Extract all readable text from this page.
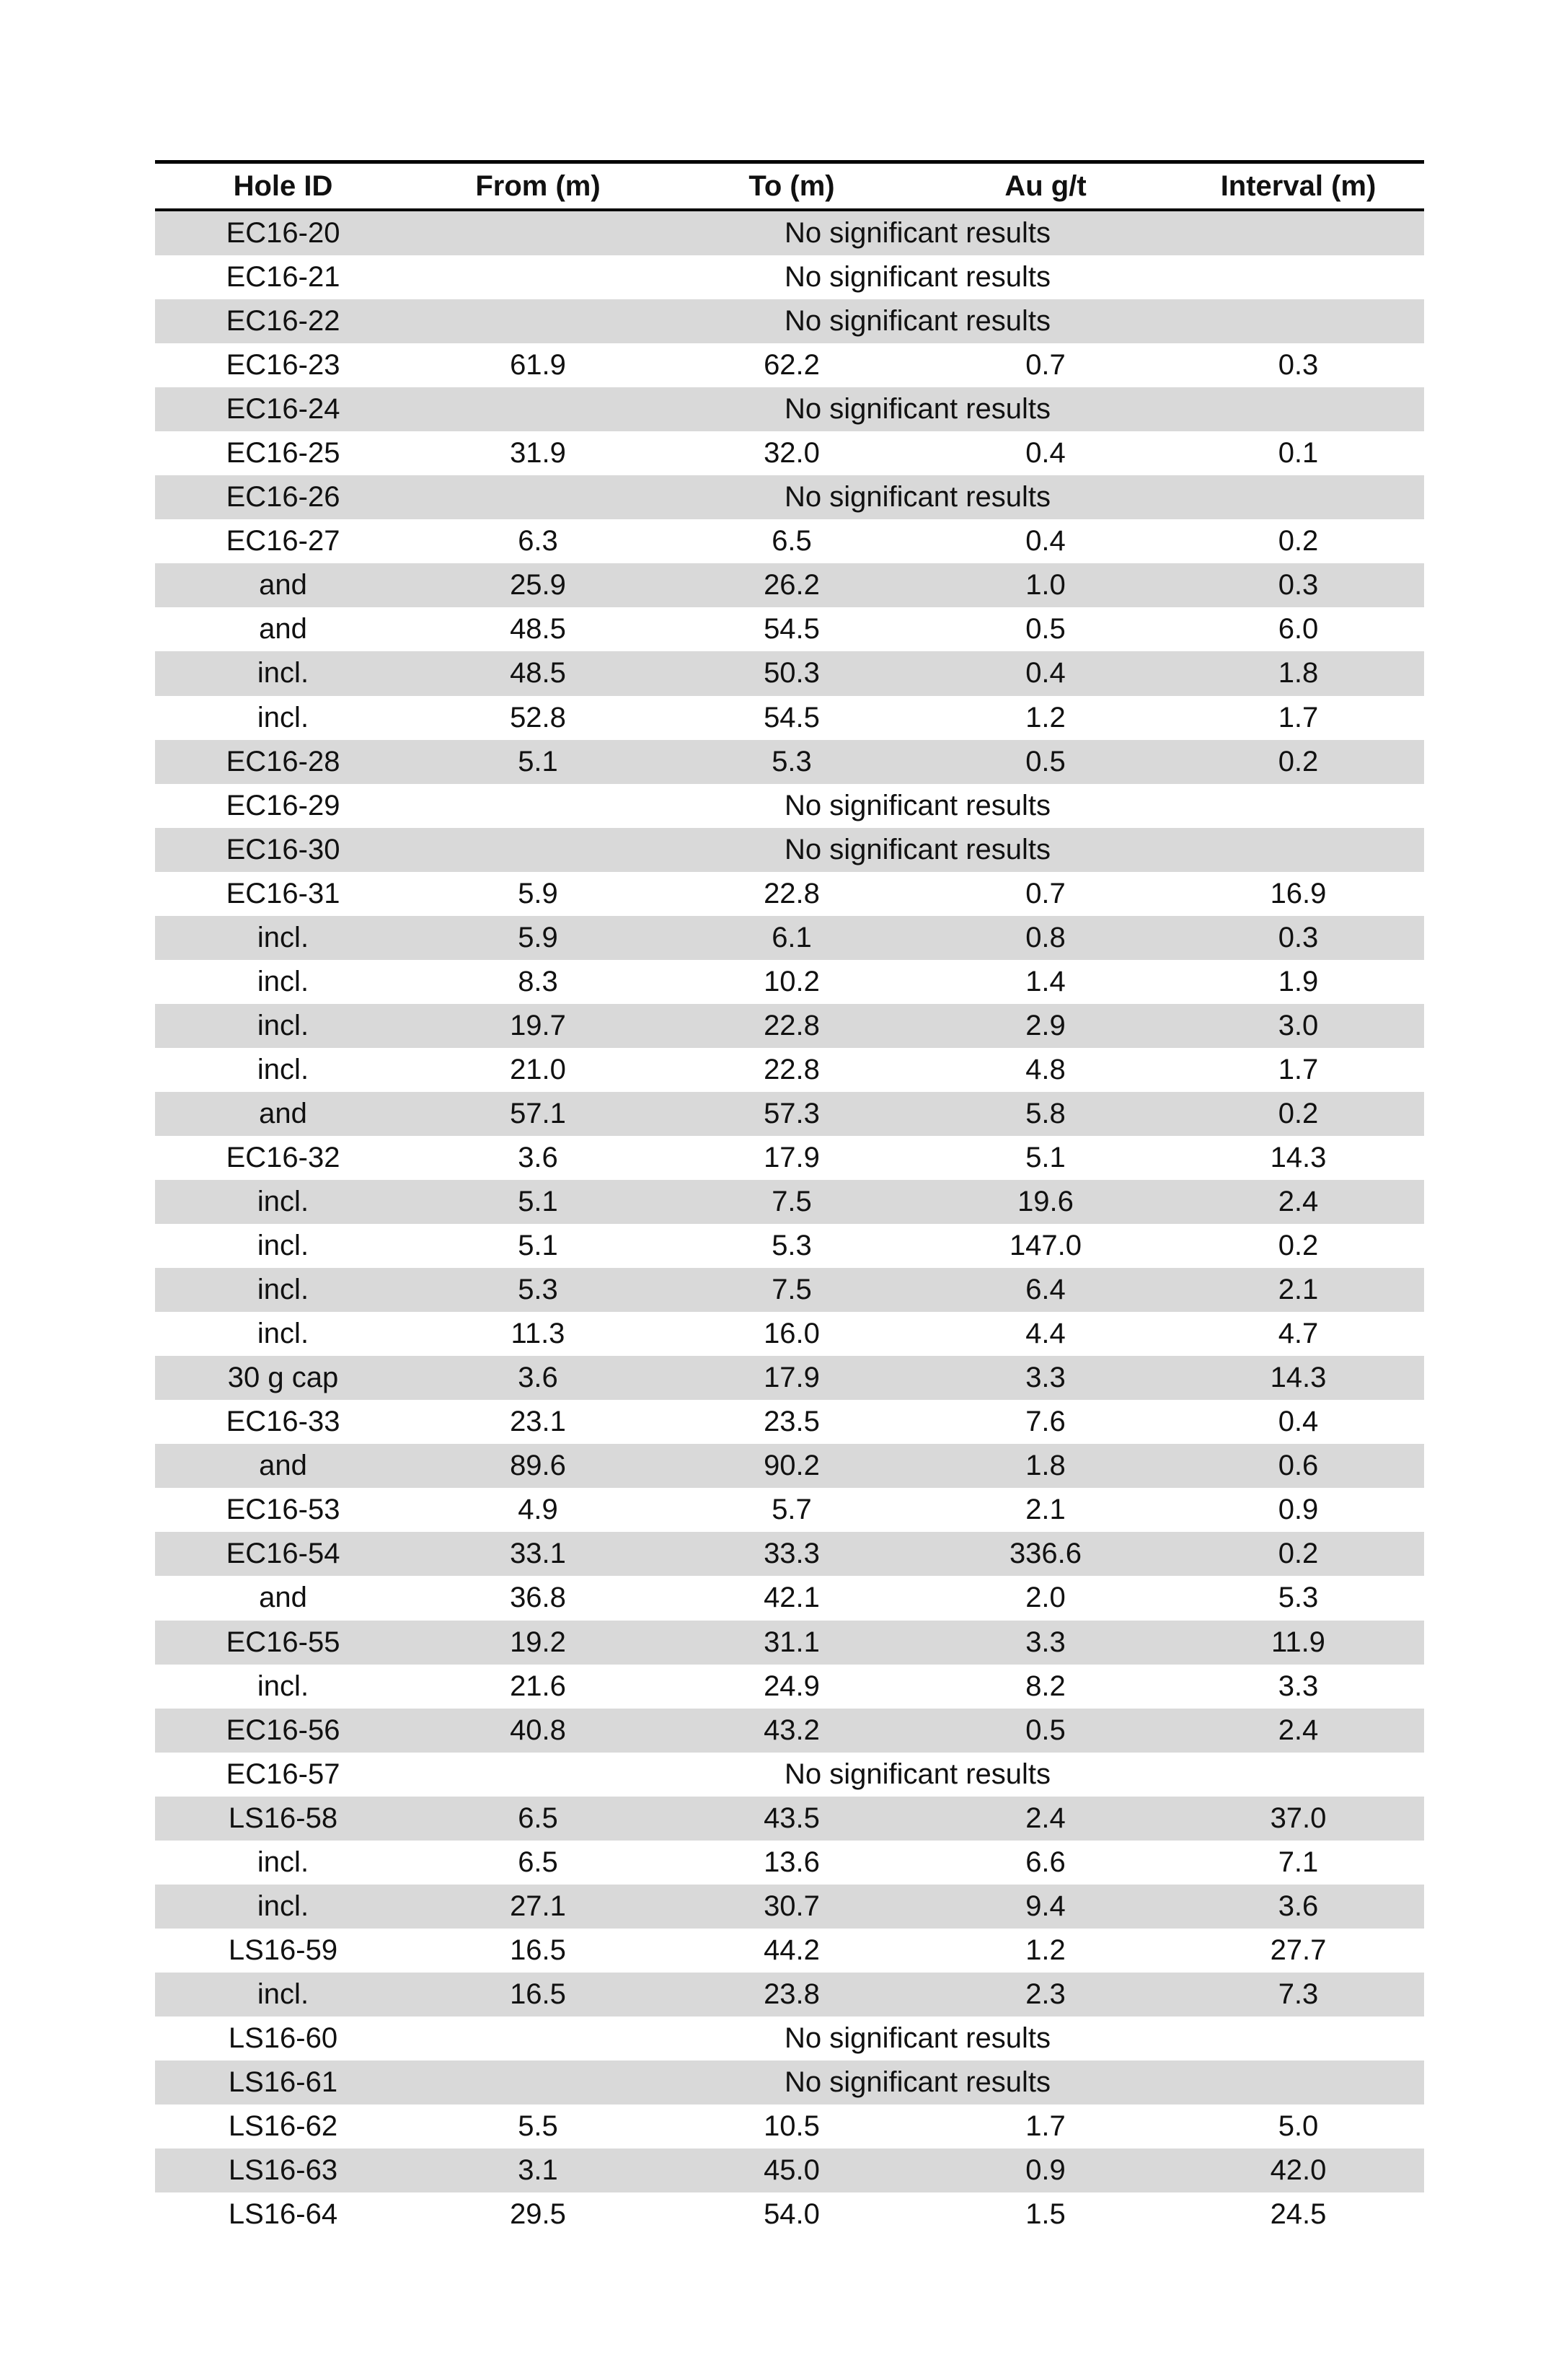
Hole ID	From (m)	To (m)	Au g/t	Interval (m)
EC16-20	No significant results			
EC16-21	No significant results			
EC16-22	No significant results			
EC16-23	61.9	62.2	0.7	0.3
EC16-24	No significant results			
EC16-25	31.9	32.0	0.4	0.1
EC16-26	No significant results			
EC16-27	6.3	6.5	0.4	0.2
and	25.9	26.2	1.0	0.3
and	48.5	54.5	0.5	6.0
incl.	48.5	50.3	0.4	1.8
incl.	52.8	54.5	1.2	1.7
EC16-28	5.1	5.3	0.5	0.2
EC16-29	No significant results			
EC16-30	No significant results			
EC16-31	5.9	22.8	0.7	16.9
incl.	5.9	6.1	0.8	0.3
incl.	8.3	10.2	1.4	1.9
incl.	19.7	22.8	2.9	3.0
incl.	21.0	22.8	4.8	1.7
and	57.1	57.3	5.8	0.2
EC16-32	3.6	17.9	5.1	14.3
incl.	5.1	7.5	19.6	2.4
incl.	5.1	5.3	147.0	0.2
incl.	5.3	7.5	6.4	2.1
incl.	11.3	16.0	4.4	4.7
30 g cap	3.6	17.9	3.3	14.3
EC16-33	23.1	23.5	7.6	0.4
and	89.6	90.2	1.8	0.6
EC16-53	4.9	5.7	2.1	0.9
EC16-54	33.1	33.3	336.6	0.2
and	36.8	42.1	2.0	5.3
EC16-55	19.2	31.1	3.3	11.9
incl.	21.6	24.9	8.2	3.3
EC16-56	40.8	43.2	0.5	2.4
EC16-57	No significant results			
LS16-58	6.5	43.5	2.4	37.0
incl.	6.5	13.6	6.6	7.1
incl.	27.1	30.7	9.4	3.6
LS16-59	16.5	44.2	1.2	27.7
incl.	16.5	23.8	2.3	7.3
LS16-60	No significant results			
LS16-61	No significant results			
LS16-62	5.5	10.5	1.7	5.0
LS16-63	3.1	45.0	0.9	42.0
LS16-64	29.5	54.0	1.5	24.5
